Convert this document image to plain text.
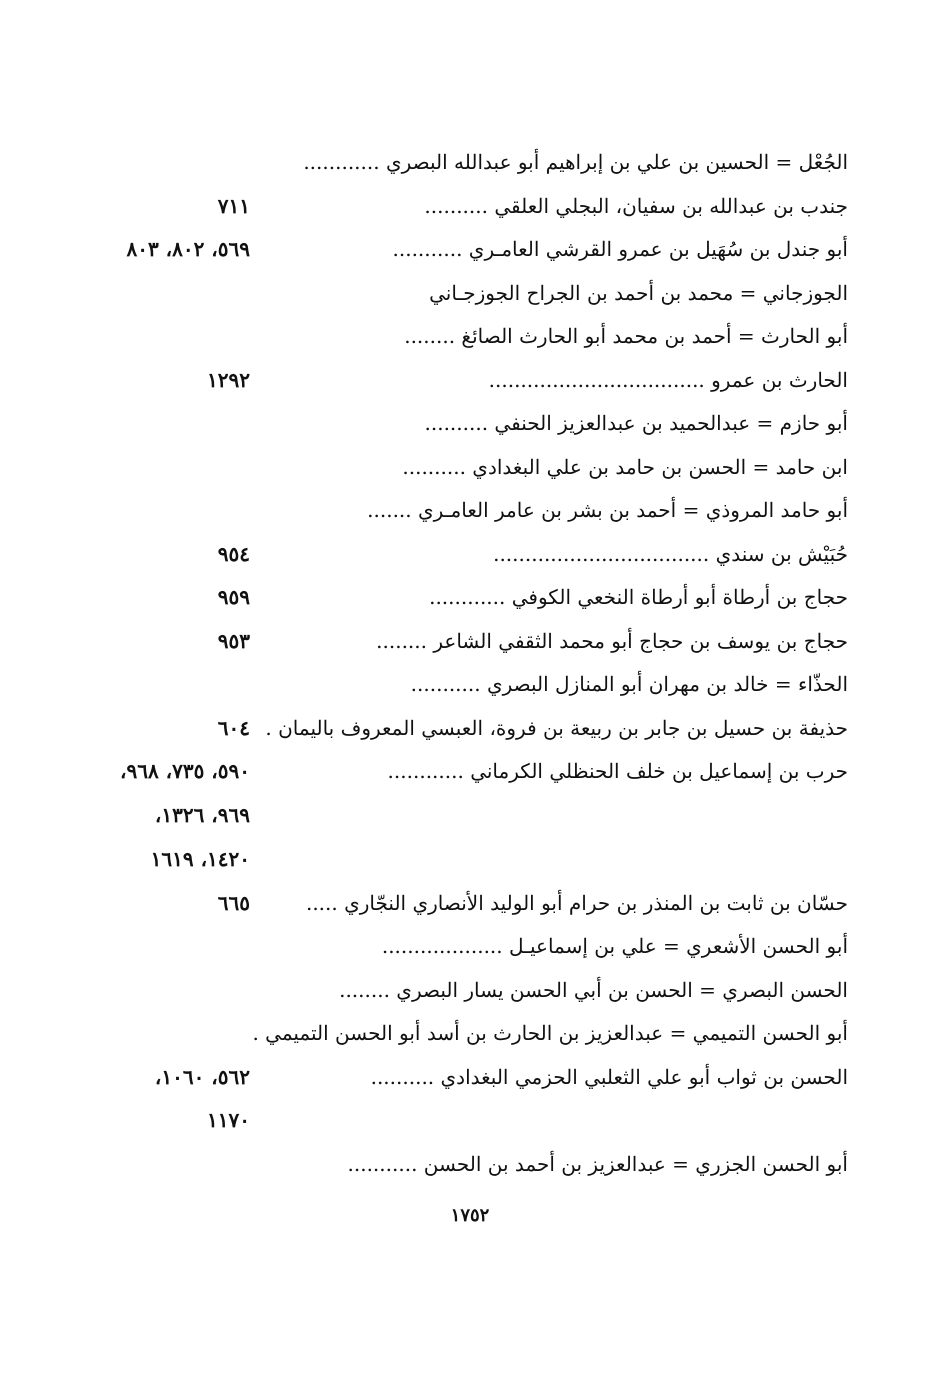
الجُعْل = الحسين بن علي بن إبراهيم أبو عبدالله البصري ............
جندب بن عبدالله بن سفيان، البجلي العلقي ..........
٧١١
أبو جندل بن سُهَيل بن عمرو القرشي العامـري ...........
٥٦٩، ٨٠٢، ٨٠٣
الجوزجاني = محمد بن أحمد بن الجراح الجوزجـاني
أبو الحارث = أحمد بن محمد أبو الحارث الصائغ ........
الحارث بن عمرو ..................................
١٢٩٢
أبو حازم = عبدالحميد بن عبدالعزيز الحنفي ..........
ابن حامد = الحسن بن حامد بن علي البغدادي ..........
أبو حامد المروذي = أحمد بن بشر بن عامر العامـري .......
حُبَيْش بن سندي ..................................
٩٥٤
حجاج بن أرطاة أبو أرطاة النخعي الكوفي ............
٩٥٩
حجاج بن يوسف بن حجاج أبو محمد الثقفي الشاعر ........
٩٥٣
الحذّاء = خالد بن مهران أبو المنازل البصري ...........
حذيفة بن حسيل بن جابر بن ربيعة بن فروة، العبسي المعروف باليمان .
٦٠٤
حرب بن إسماعيل بن خلف الحنظلي الكرماني ............
٥٩٠، ٧٣٥، ٩٦٨،
٩٦٩، ١٣٢٦،
١٤٢٠، ١٦١٩
حسّان بن ثابت بن المنذر بن حرام أبو الوليد الأنصاري النجّاري .....
٦٦٥
أبو الحسن الأشعري = علي بن إسماعيـل ...................
الحسن البصري = الحسن بن أبي الحسن يسار البصري ........
أبو الحسن التميمي = عبدالعزيز بن الحارث بن أسد أبو الحسن التميمي .
الحسن بن ثواب أبو علي الثعلبي الحزمي البغدادي ..........
٥٦٢، ١٠٦٠،
١١٧٠
أبو الحسن الجزري = عبدالعزيز بن أحمد بن الحسن ...........
١٧٥٢
